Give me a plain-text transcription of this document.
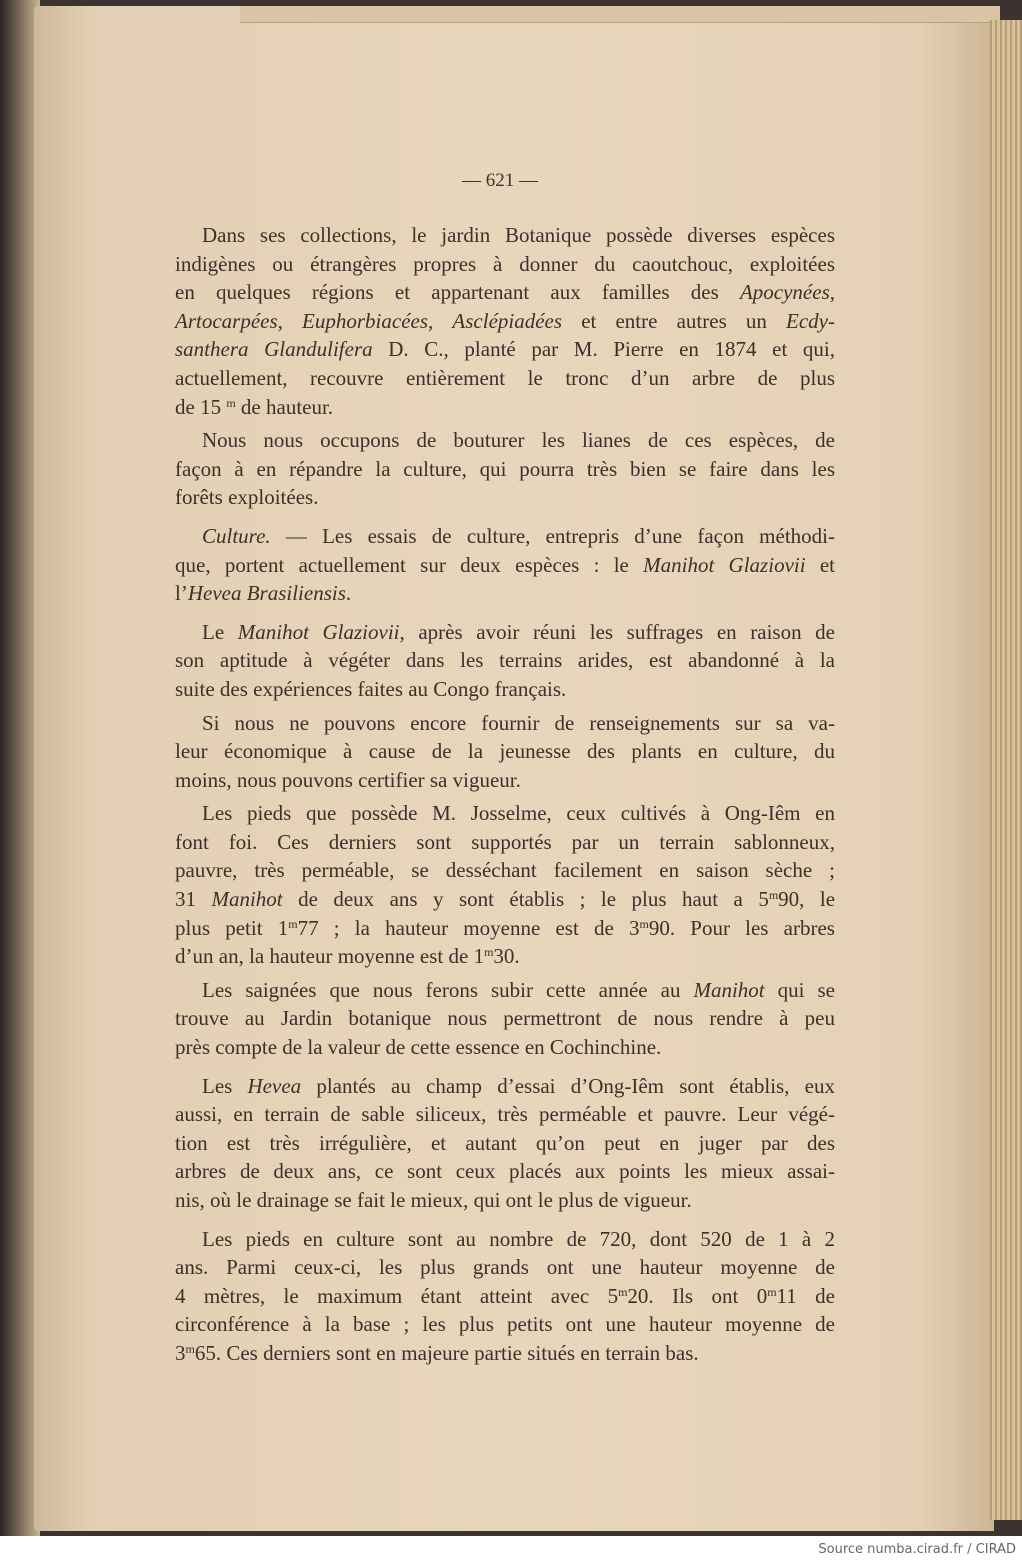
— 621 —
Dans ses collections, le jardin Botanique possède diverses espèces
indigènes ou étrangères propres à donner du caoutchouc, exploitées
en quelques régions et appartenant aux familles des Apocynées,
Artocarpées, Euphorbiacées, Asclépiadées et entre autres un Ecdy-
santhera Glandulifera D. C., planté par M. Pierre en 1874 et qui,
actuellement, recouvre entièrement le tronc d’un arbre de plus
de 15 $^m$ de hauteur.
Nous nous occupons de bouturer les lianes de ces espèces, de
façon à en répandre la culture, qui pourra très bien se faire dans les
forêts exploitées.
Culture. — Les essais de culture, entrepris d’une façon méthodi-
que, portent actuellement sur deux espèces : le Manihot Glaziovii et
l’Hevea Brasiliensis.
Le Manihot Glaziovii, après avoir réuni les suffrages en raison de
son aptitude à végéter dans les terrains arides, est abandonné à la
suite des expériences faites au Congo français.
Si nous ne pouvons encore fournir de renseignements sur sa va-
leur économique à cause de la jeunesse des plants en culture, du
moins, nous pouvons certifier sa vigueur.
Les pieds que possède M. Josselme, ceux cultivés à Ong-Iêm en
font foi. Ces derniers sont supportés par un terrain sablonneux,
pauvre, très perméable, se desséchant facilement en saison sèche ;
31 Manihot de deux ans y sont établis ; le plus haut a 5$^m$90, le
plus petit 1$^m$77 ; la hauteur moyenne est de 3$^m$90. Pour les arbres
d’un an, la hauteur moyenne est de 1$^m$30.
Les saignées que nous ferons subir cette année au Manihot qui se
trouve au Jardin botanique nous permettront de nous rendre à peu
près compte de la valeur de cette essence en Cochinchine.
Les Hevea plantés au champ d’essai d’Ong-Iêm sont établis, eux
aussi, en terrain de sable siliceux, très perméable et pauvre. Leur végé-
tion est très irrégulière, et autant qu’on peut en juger par des
arbres de deux ans, ce sont ceux placés aux points les mieux assai-
nis, où le drainage se fait le mieux, qui ont le plus de vigueur.
Les pieds en culture sont au nombre de 720, dont 520 de 1 à 2
ans. Parmi ceux-ci, les plus grands ont une hauteur moyenne de
4 mètres, le maximum étant atteint avec 5$^m$20. Ils ont 0$^m$11 de
circonférence à la base ; les plus petits ont une hauteur moyenne de
3$^m$65. Ces derniers sont en majeure partie situés en terrain bas.
Source numba.cirad.fr / CIRAD
